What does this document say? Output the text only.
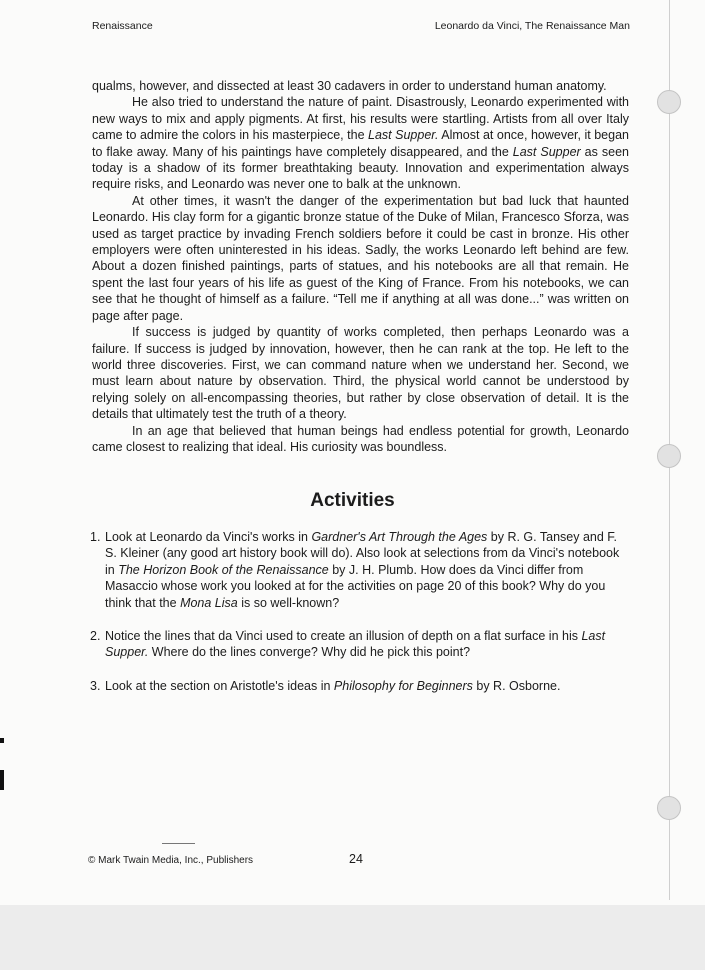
Renaissance	Leonardo da Vinci, The Renaissance Man

qualms, however, and dissected at least 30 cadavers in order to understand human anatomy.

He also tried to understand the nature of paint. Disastrously, Leonardo experimented with new ways to mix and apply pigments. At first, his results were startling. Artists from all over Italy came to admire the colors in his masterpiece, the Last Supper. Almost at once, however, it began to flake away. Many of his paintings have completely disappeared, and the Last Supper as seen today is a shadow of its former breathtaking beauty. Innovation and experimentation always require risks, and Leonardo was never one to balk at the unknown.

At other times, it wasn't the danger of the experimentation but bad luck that haunted Leonardo. His clay form for a gigantic bronze statue of the Duke of Milan, Francesco Sforza, was used as target practice by invading French soldiers before it could be cast in bronze. His other employers were often uninterested in his ideas. Sadly, the works Leonardo left behind are few. About a dozen finished paintings, parts of statues, and his notebooks are all that remain. He spent the last four years of his life as guest of the King of France. From his notebooks, we can see that he thought of himself as a failure. “Tell me if anything at all was done...” was written on page after page.

If success is judged by quantity of works completed, then perhaps Leonardo was a failure. If success is judged by innovation, however, then he can rank at the top. He left to the world three discoveries. First, we can command nature when we understand her. Second, we must learn about nature by observation. Third, the physical world cannot be understood by relying solely on all-encompassing theories, but rather by close observation of detail. It is the details that ultimately test the truth of a theory.

In an age that believed that human beings had endless potential for growth, Leonardo came closest to realizing that ideal. His curiosity was boundless.

Activities
1. Look at Leonardo da Vinci's works in Gardner's Art Through the Ages by R. G. Tansey and F. S. Kleiner (any good art history book will do). Also look at selections from da Vinci's notebook in The Horizon Book of the Renaissance by J. H. Plumb. How does da Vinci differ from Masaccio whose work you looked at for the activities on page 20 of this book? Why do you think that the Mona Lisa is so well-known?
2. Notice the lines that da Vinci used to create an illusion of depth on a flat surface in his Last Supper. Where do the lines converge? Why did he pick this point?
3. Look at the section on Aristotle's ideas in Philosophy for Beginners by R. Osborne.
© Mark Twain Media, Inc., Publishers	24
